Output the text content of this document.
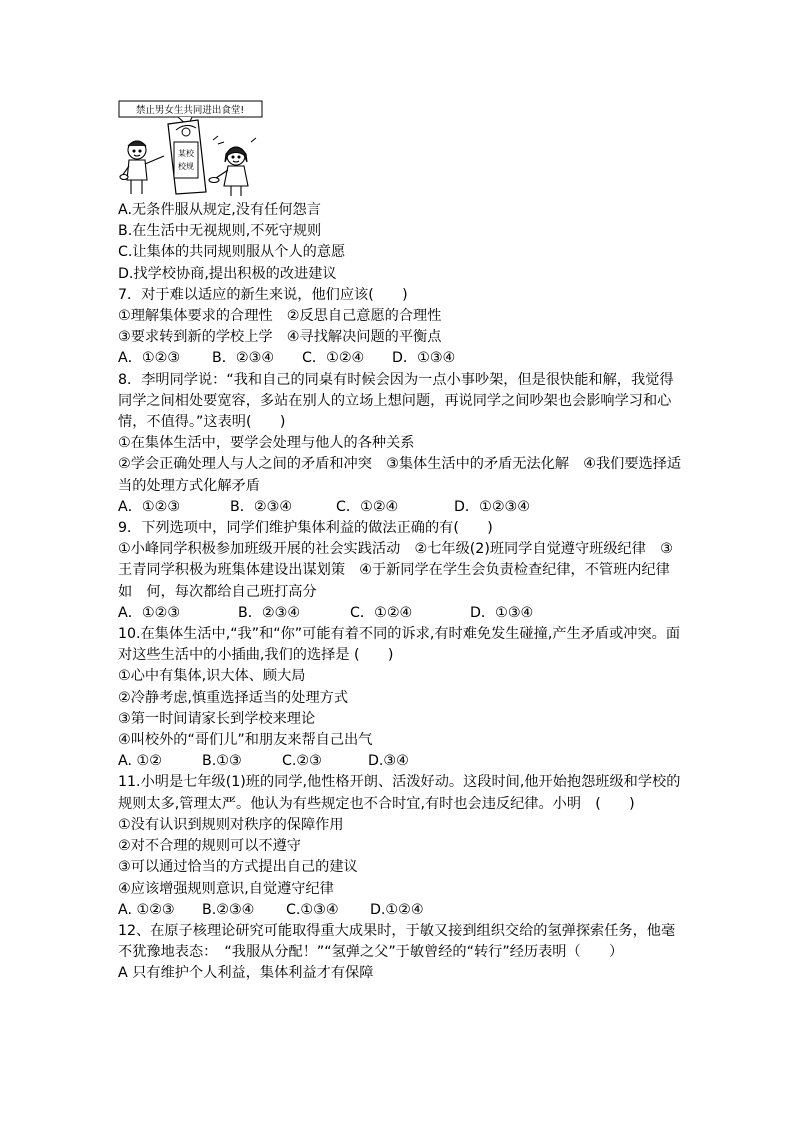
禁止男女生共同进出食堂!
某校
校规
A.无条件服从规定,没有任何怨言
B.在生活中无视规则,不死守规则
C.让集体的共同规则服从个人的意愿
D.找学校协商,提出积极的改进建议
7．对于难以适应的新生来说，他们应该(　　)
①理解集体要求的合理性　②反思自己意愿的合理性
③要求转到新的学校上学　④寻找解决问题的平衡点
A．①②③	B．②③④	C．①②④	D．①③④
8．李明同学说：“我和自己的同桌有时候会因为一点小事吵架，但是很快能和解，我觉得同学之间相处要宽容，多站在别人的立场上想问题，再说同学之间吵架也会影响学习和心情，不值得。”这表明(　　)
①在集体生活中，要学会处理与他人的各种关系
②学会正确处理人与人之间的矛盾和冲突　③集体生活中的矛盾无法化解　④我们要选择适当的处理方式化解矛盾
A．①②③	B．②③④	C．①②④	D．①②③④
9．下列选项中，同学们维护集体利益的做法正确的有(　　)
①小峰同学积极参加班级开展的社会实践活动　②七年级(2)班同学自觉遵守班级纪律　③王青同学积极为班集体建设出谋划策　④于新同学在学生会负责检查纪律，不管班内纪律如　何，每次都给自己班打高分
A．①②③	B．②③④	C．①②④	D．①③④
10.在集体生活中,“我”和“你”可能有着不同的诉求,有时难免发生碰撞,产生矛盾或冲突。面对这些生活中的小插曲,我们的选择是 (　　)
①心中有集体,识大体、顾大局
②冷静考虑,慎重选择适当的处理方式
③第一时间请家长到学校来理论
④叫校外的“哥们儿”和朋友来帮自己出气
A. ①②	B.①③	C.②③	D.③④
11.小明是七年级(1)班的同学,他性格开朗、活泼好动。这段时间,他开始抱怨班级和学校的规则太多,管理太严。他认为有些规定也不合时宜,有时也会违反纪律。小明　(　　)
①没有认识到规则对秩序的保障作用
②对不合理的规则可以不遵守
③可以通过恰当的方式提出自己的建议
④应该增强规则意识,自觉遵守纪律
A. ①②③	B.②③④	C.①③④	D.①②④
12、在原子核理论研究可能取得重大成果时，于敏又接到组织交给的氢弹探索任务，他毫不犹豫地表态：　“我服从分配！”“氢弹之父”于敏曾经的“转行”经历表明（　　）
A 只有维护个人利益，集体利益才有保障
